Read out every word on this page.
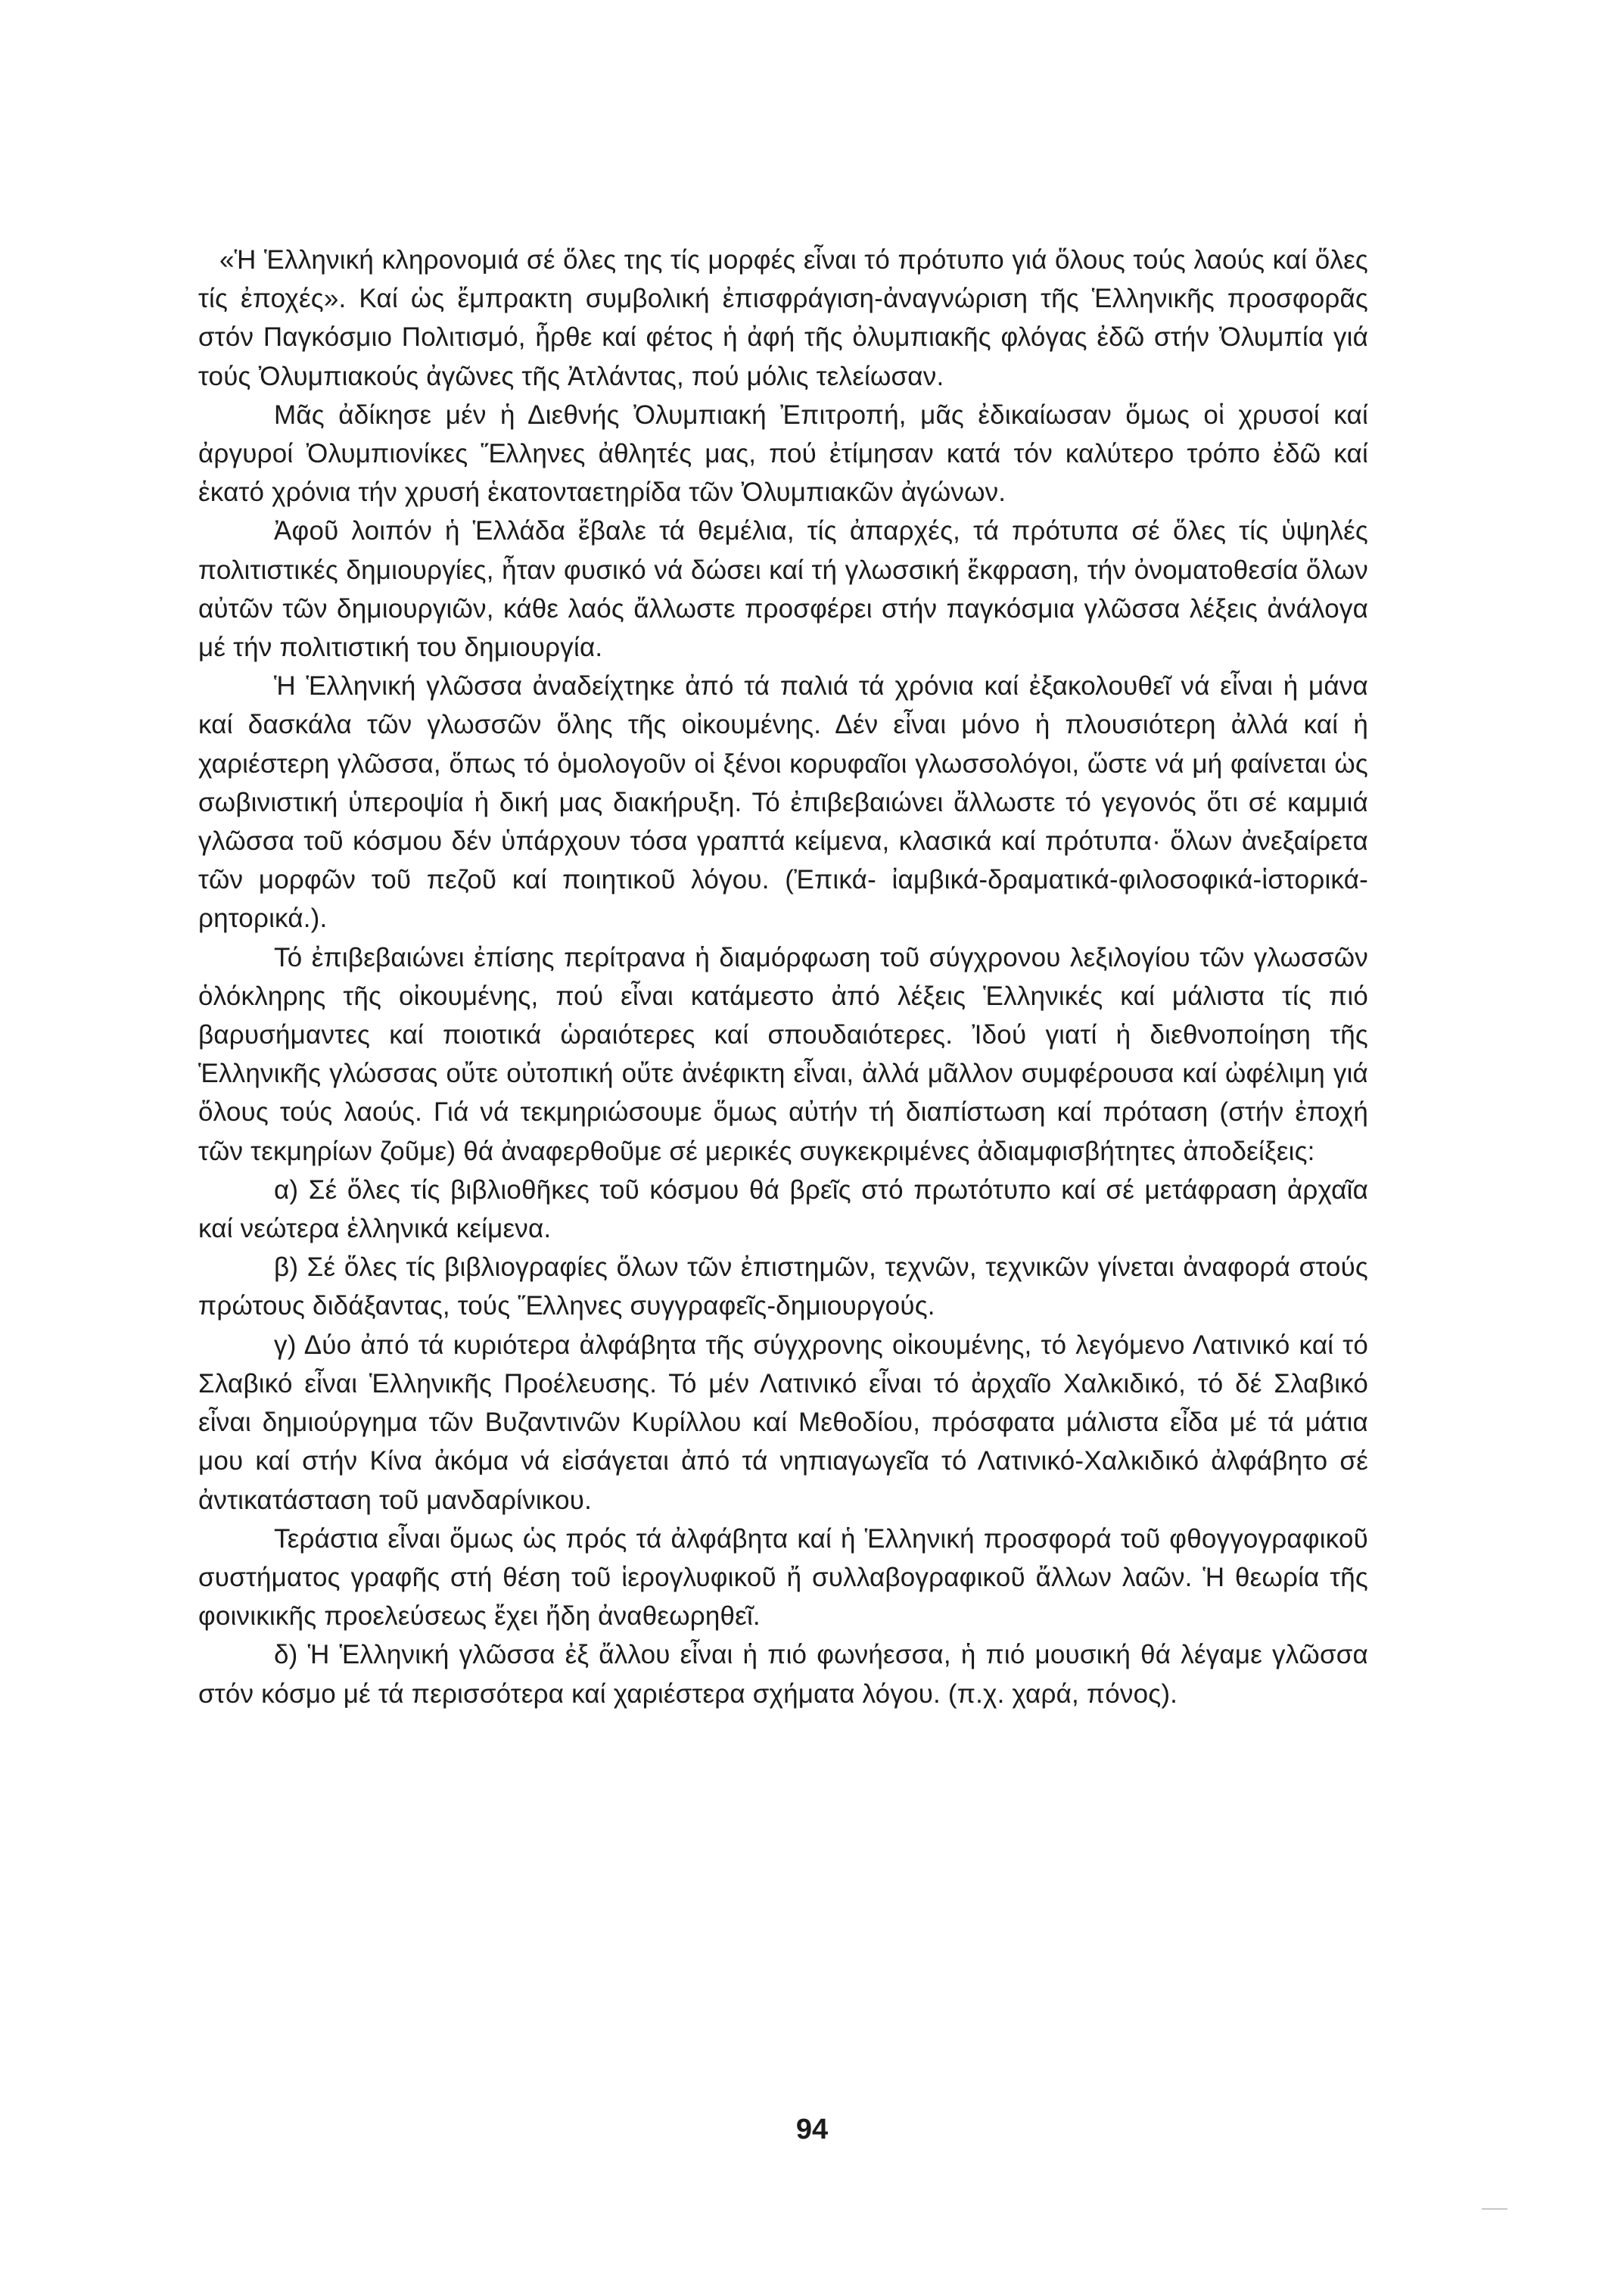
«Ἡ Ἑλληνική κληρονομιά σέ ὅλες της τίς μορφές εἶναι τό πρότυπο γιά ὅλους τούς λαούς καί ὅλες τίς ἐποχές». Καί ὡς ἔμπρακτη συμβολική ἐπισφράγιση-ἀναγνώριση τῆς Ἑλληνικῆς προσφορᾶς στόν Παγκόσμιο Πολιτισμό, ἦρθε καί φέτος ἡ ἀφή τῆς ὀλυμπιακῆς φλόγας ἐδῶ στήν Ὀλυμπία γιά τούς Ὀλυμπιακούς ἀγῶνες τῆς Ἀτλάντας, πού μόλις τελείωσαν.

Μᾶς ἀδίκησε μέν ἡ Διεθνής Ὀλυμπιακή Ἐπιτροπή, μᾶς ἐδικαίωσαν ὅμως οἱ χρυσοί καί ἀργυροί Ὀλυμπιονίκες Ἕλληνες ἀθλητές μας, πού ἐτίμησαν κατά τόν καλύτερο τρόπο ἐδῶ καί ἑκατό χρόνια τήν χρυσή ἑκατονταετηρίδα τῶν Ὀλυμπιακῶν ἀγώνων.

Ἀφοῦ λοιπόν ἡ Ἑλλάδα ἔβαλε τά θεμέλια, τίς ἀπαρχές, τά πρότυπα σέ ὅλες τίς ὑψηλές πολιτιστικές δημιουργίες, ἦταν φυσικό νά δώσει καί τή γλωσσική ἔκφραση, τήν ὀνοματοθεσία ὅλων αὐτῶν τῶν δημιουργιῶν, κάθε λαός ἄλλωστε προσφέρει στήν παγκόσμια γλῶσσα λέξεις ἀνάλογα μέ τήν πολιτιστική του δημιουργία.

Ἡ Ἑλληνική γλῶσσα ἀναδείχτηκε ἀπό τά παλιά τά χρόνια καί ἐξακολουθεῖ νά εἶναι ἡ μάνα καί δασκάλα τῶν γλωσσῶν ὅλης τῆς οἰκουμένης. Δέν εἶναι μόνο ἡ πλουσιότερη ἀλλά καί ἡ χαριέστερη γλῶσσα, ὅπως τό ὁμολογοῦν οἱ ξένοι κορυφαῖοι γλωσσολόγοι, ὥστε νά μή φαίνεται ὡς σωβινιστική ὑπεροψία ἡ δική μας διακήρυξη. Τό ἐπιβεβαιώνει ἄλλωστε τό γεγονός ὅτι σέ καμμιά γλῶσσα τοῦ κόσμου δέν ὑπάρχουν τόσα γραπτά κείμενα, κλασικά καί πρότυπα· ὅλων ἀνεξαίρετα τῶν μορφῶν τοῦ πεζοῦ καί ποιητικοῦ λόγου. (Ἐπικά- ἰαμβικά-δραματικά-φιλοσοφικά-ἱστορικά-ρητορικά.).

Τό ἐπιβεβαιώνει ἐπίσης περίτρανα ἡ διαμόρφωση τοῦ σύγχρονου λεξιλογίου τῶν γλωσσῶν ὁλόκληρης τῆς οἰκουμένης, πού εἶναι κατάμεστο ἀπό λέξεις Ἑλληνικές καί μάλιστα τίς πιό βαρυσήμαντες καί ποιοτικά ὡραιότερες καί σπουδαιότερες. Ἰδού γιατί ἡ διεθνοποίηση τῆς Ἑλληνικῆς γλώσσας οὔτε οὐτοπική οὔτε ἀνέφικτη εἶναι, ἀλλά μᾶλλον συμφέρουσα καί ὠφέλιμη γιά ὅλους τούς λαούς. Γιά νά τεκμηριώσουμε ὅμως αὐτήν τή διαπίστωση καί πρόταση (στήν ἐποχή τῶν τεκμηρίων ζοῦμε) θά ἀναφερθοῦμε σέ μερικές συγκεκριμένες ἀδιαμφισβήτητες ἀποδείξεις:

α) Σέ ὅλες τίς βιβλιοθῆκες τοῦ κόσμου θά βρεῖς στό πρωτότυπο καί σέ μετάφραση ἀρχαῖα καί νεώτερα ἑλληνικά κείμενα.

β) Σέ ὅλες τίς βιβλιογραφίες ὅλων τῶν ἐπιστημῶν, τεχνῶν, τεχνικῶν γίνεται ἀναφορά στούς πρώτους διδάξαντας, τούς Ἕλληνες συγγραφεῖς-δημιουργούς.

γ) Δύο ἀπό τά κυριότερα ἀλφάβητα τῆς σύγχρονης οἰκουμένης, τό λεγόμενο Λατινικό καί τό Σλαβικό εἶναι Ἑλληνικῆς Προέλευσης. Τό μέν Λατινικό εἶναι τό ἀρχαῖο Χαλκιδικό, τό δέ Σλαβικό εἶναι δημιούργημα τῶν Βυζαντινῶν Κυρίλλου καί Μεθοδίου, πρόσφατα μάλιστα εἶδα μέ τά μάτια μου καί στήν Κίνα ἀκόμα νά εἰσάγεται ἀπό τά νηπιαγωγεῖα τό Λατινικό-Χαλκιδικό ἀλφάβητο σέ ἀντικατάσταση τοῦ μανδαρίνικου.

Τεράστια εἶναι ὅμως ὡς πρός τά ἀλφάβητα καί ἡ Ἑλληνική προσφορά τοῦ φθογγογραφικοῦ συστήματος γραφῆς στή θέση τοῦ ἱερογλυφικοῦ ἤ συλλαβογραφικοῦ ἄλλων λαῶν. Ἡ θεωρία τῆς φοινικικῆς προελεύσεως ἔχει ἤδη ἀναθεωρηθεῖ.

δ) Ἡ Ἑλληνική γλῶσσα ἐξ ἄλλου εἶναι ἡ πιό φωνήεσσα, ἡ πιό μουσική θά λέγαμε γλῶσσα στόν κόσμο μέ τά περισσότερα καί χαριέστερα σχήματα λόγου. (π.χ. χαρά, πόνος).

94
